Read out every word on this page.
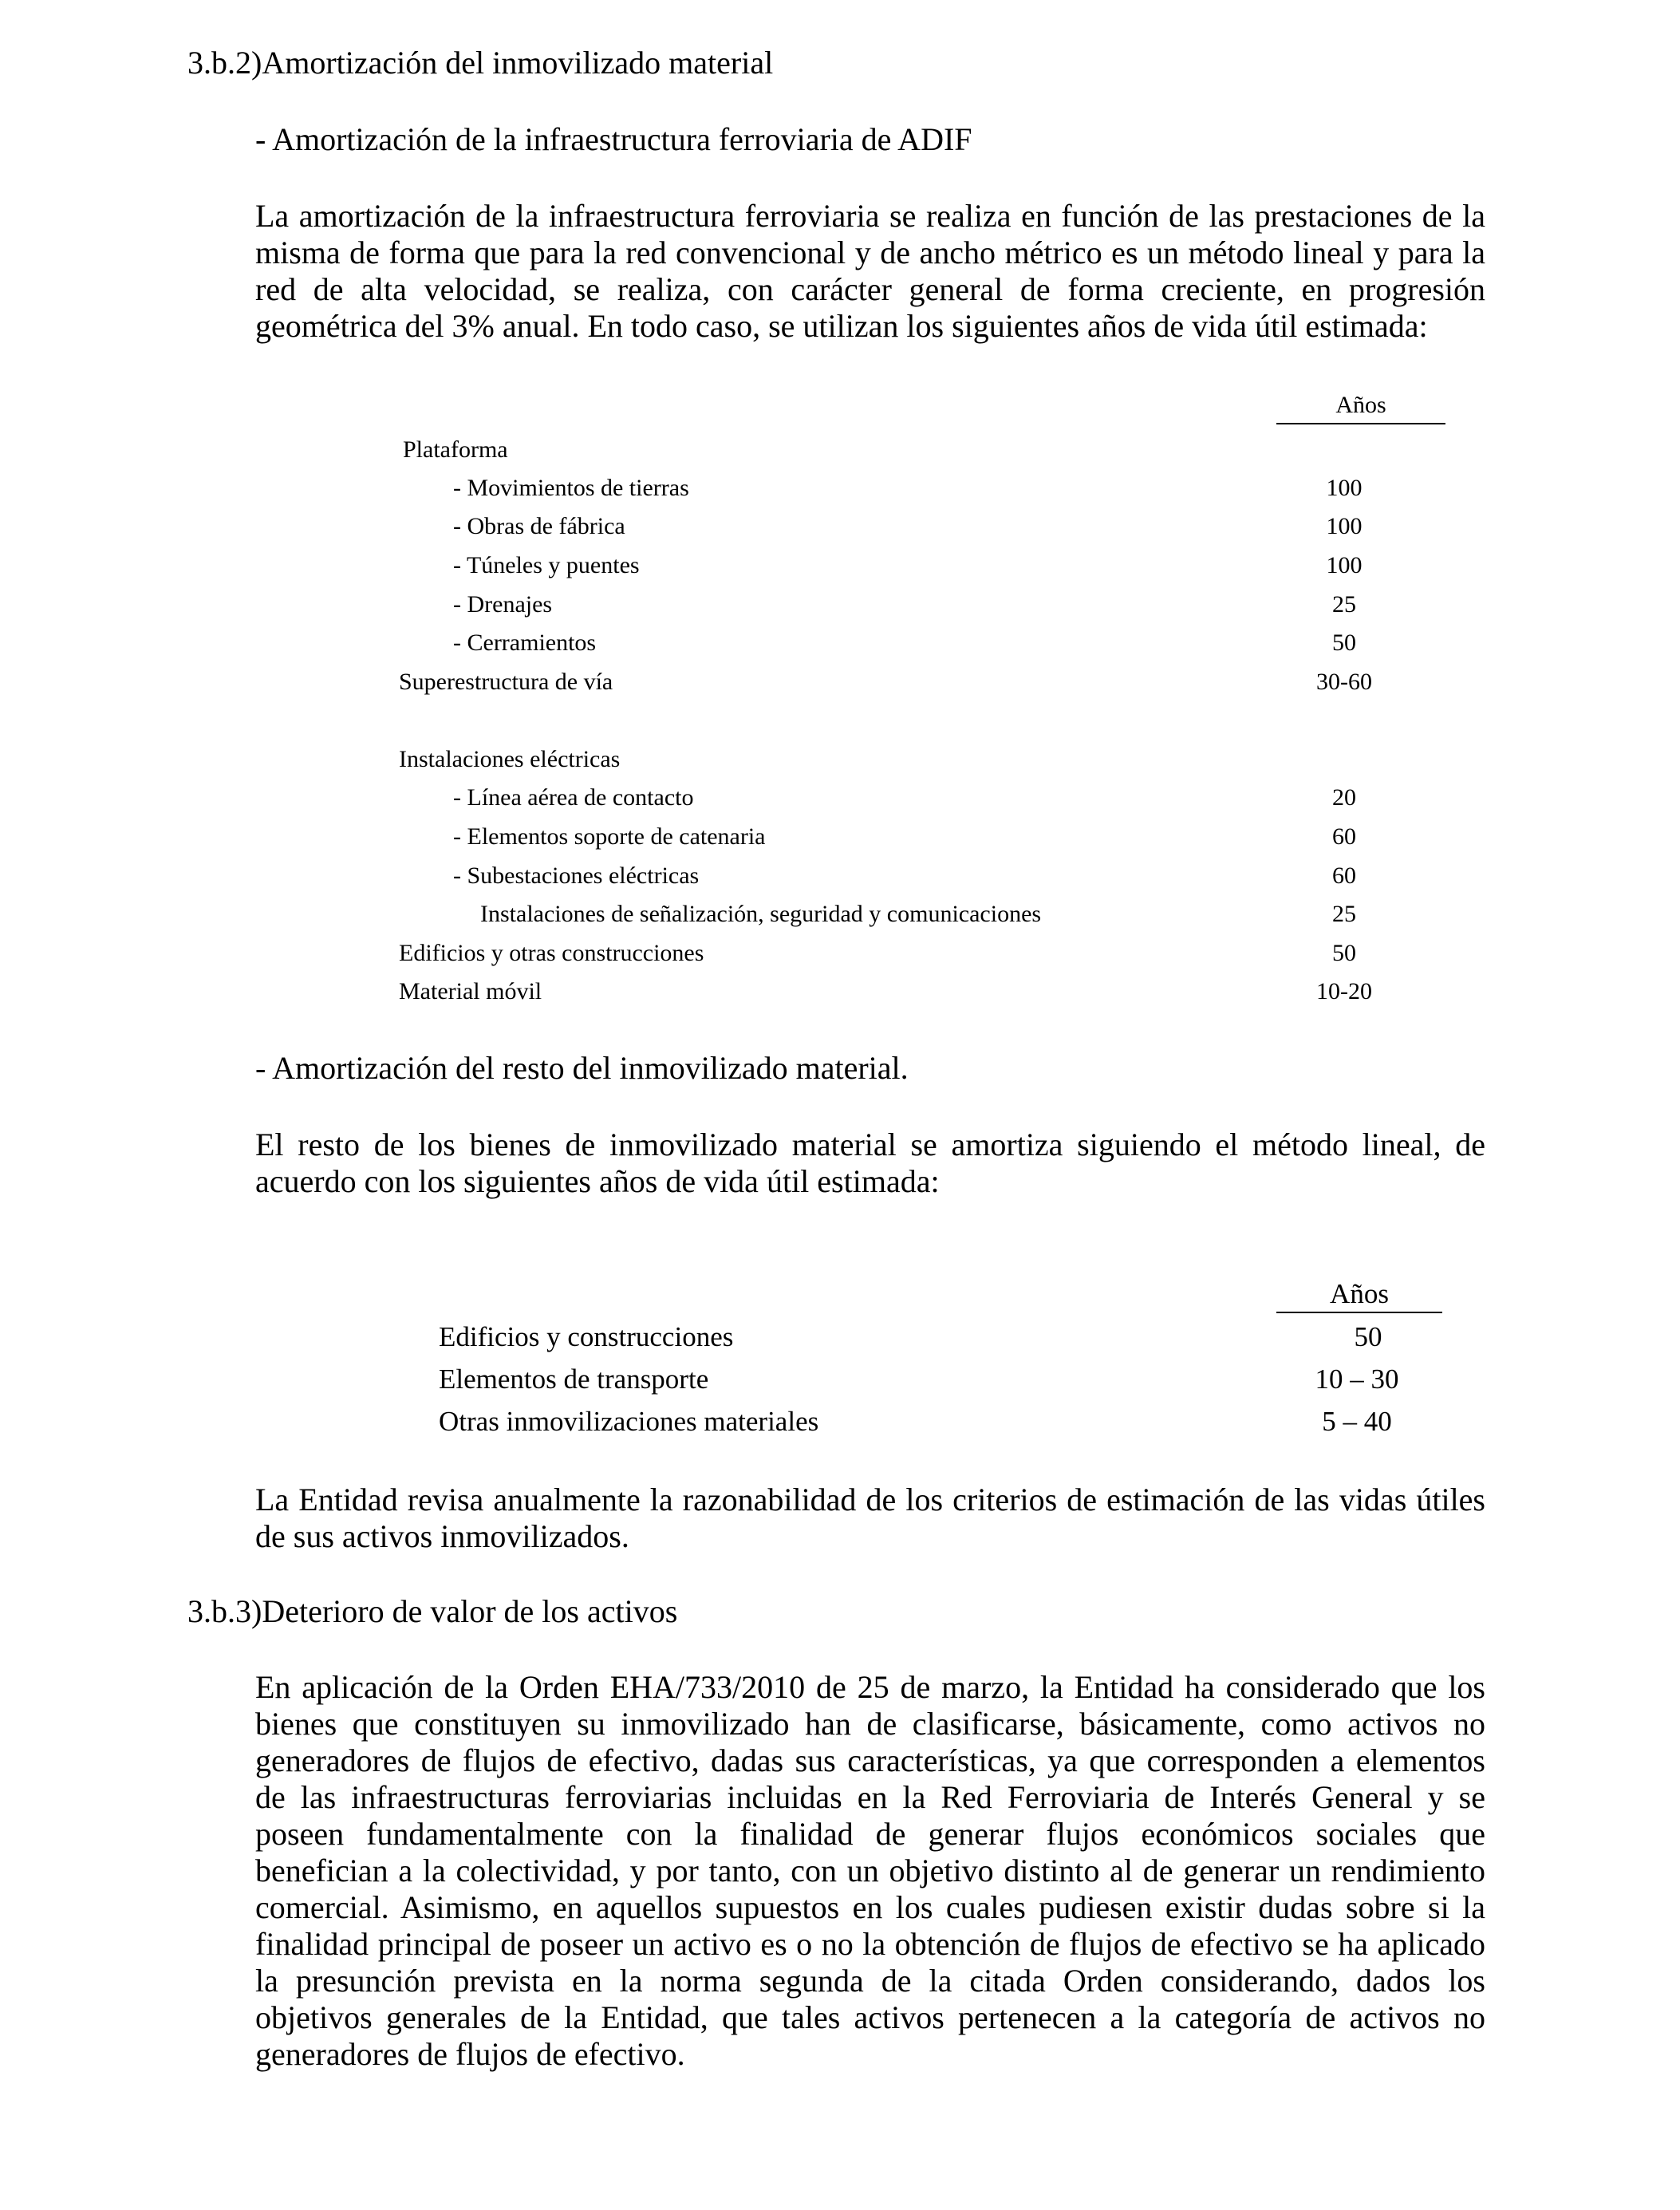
3.b.2)Amortización del inmovilizado material
- Amortización de la infraestructura ferroviaria de ADIF
La amortización de la infraestructura ferroviaria se realiza en función de las prestaciones de la
misma de forma que para la red convencional y de ancho métrico es un método lineal y para la
red de alta velocidad, se realiza, con carácter general de forma creciente, en progresión
geométrica del 3% anual. En todo caso, se utilizan los siguientes años de vida útil estimada:
Años
Plataforma
- Movimientos de tierras	100
- Obras de fábrica	100
- Túneles y puentes	100
- Drenajes	25
- Cerramientos	50
Superestructura de vía	30-60
Instalaciones eléctricas
- Línea aérea de contacto	20
- Elementos soporte de catenaria	60
- Subestaciones eléctricas	60
Instalaciones de señalización, seguridad y comunicaciones	25
Edificios y otras construcciones	50
Material móvil	10-20
- Amortización del resto del inmovilizado material.
El resto de los bienes de inmovilizado material se amortiza siguiendo el método lineal, de
acuerdo con los siguientes años de vida útil estimada:
Años
Edificios y construcciones	50
Elementos de transporte	10 – 30
Otras inmovilizaciones materiales	5 – 40
La Entidad revisa anualmente la razonabilidad de los criterios de estimación de las vidas útiles
de sus activos inmovilizados.
3.b.3)Deterioro de valor de los activos
En aplicación de la Orden EHA/733/2010 de 25 de marzo, la Entidad ha considerado que los
bienes que constituyen su inmovilizado han de clasificarse, básicamente, como activos no
generadores de flujos de efectivo, dadas sus características, ya que corresponden a elementos
de las infraestructuras ferroviarias incluidas en la Red Ferroviaria de Interés General y se
poseen fundamentalmente con la finalidad de generar flujos económicos sociales que
benefician a la colectividad, y por tanto, con un objetivo distinto al de generar un rendimiento
comercial. Asimismo, en aquellos supuestos en los cuales pudiesen existir dudas sobre si la
finalidad principal de poseer un activo es o no la obtención de flujos de efectivo se ha aplicado
la presunción prevista en la norma segunda de la citada Orden considerando, dados los
objetivos generales de la Entidad, que tales activos pertenecen a la categoría de activos no
generadores de flujos de efectivo.
